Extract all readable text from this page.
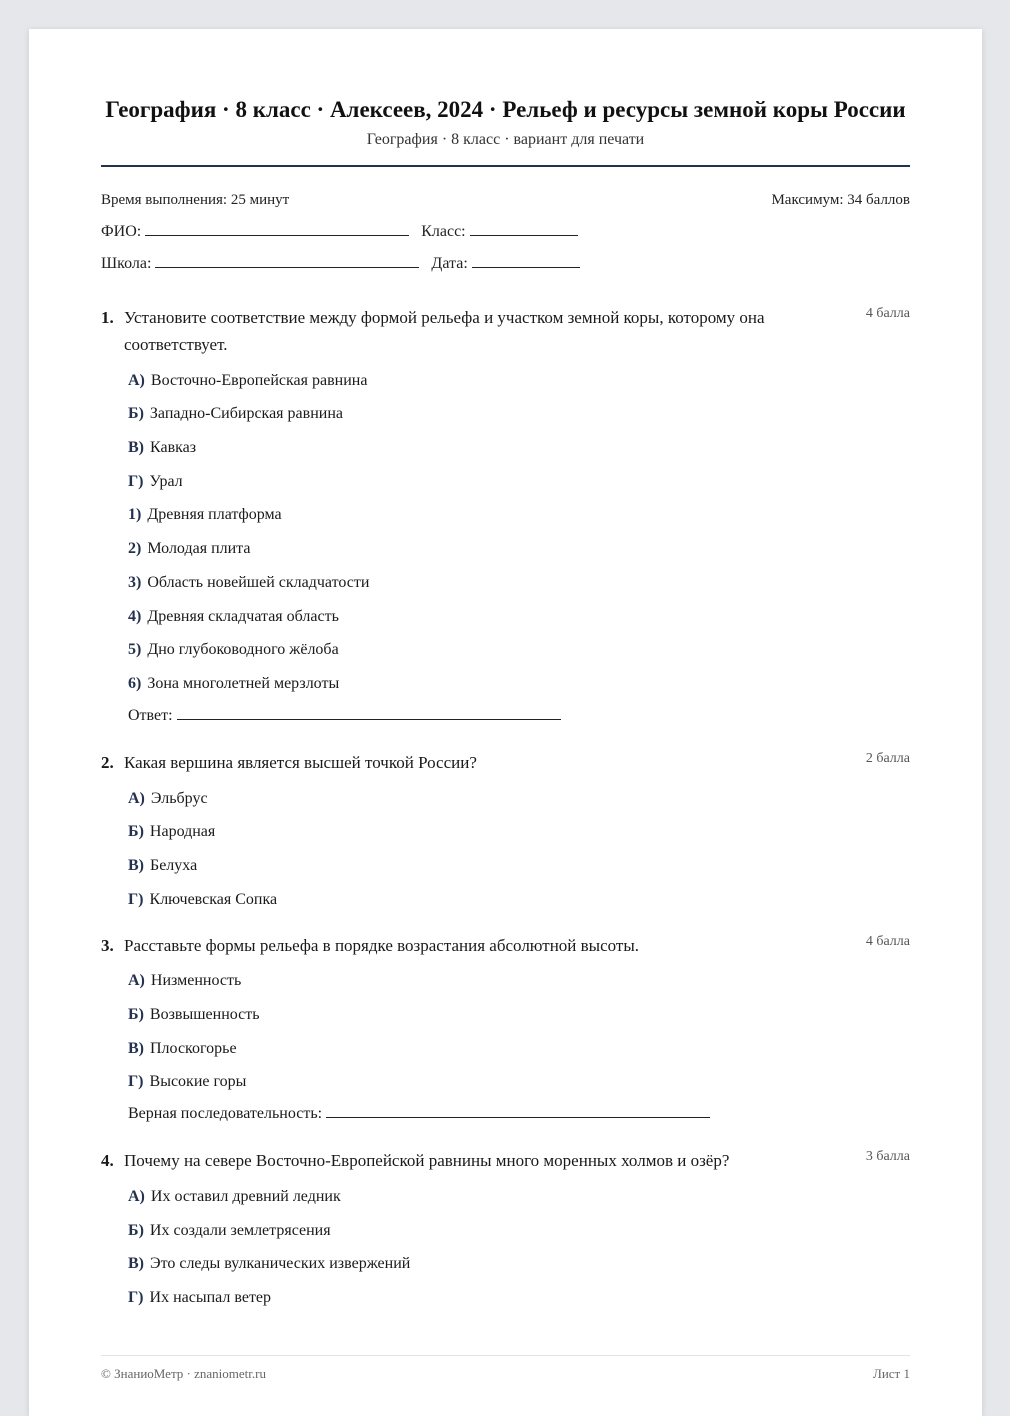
География · 8 класс · Алексеев, 2024 · Рельеф и ресурсы земной коры России
География · 8 класс · вариант для печати
Время выполнения: 25 минут	Максимум: 34 баллов
ФИО:	Класс:
Школа:	Дата:
1. Установите соответствие между формой рельефа и участком земной коры, которому она соответствует.
4 балла
А) Восточно-Европейская равнина
Б) Западно-Сибирская равнина
В) Кавказ
Г) Урал
1) Древняя платформа
2) Молодая плита
3) Область новейшей складчатости
4) Древняя складчатая область
5) Дно глубоководного жёлоба
6) Зона многолетней мерзлоты
Ответ:
2. Какая вершина является высшей точкой России?	2 балла
А) Эльбрус
Б) Народная
В) Белуха
Г) Ключевская Сопка
3. Расставьте формы рельефа в порядке возрастания абсолютной высоты.	4 балла
А) Низменность
Б) Возвышенность
В) Плоскогорье
Г) Высокие горы
Верная последовательность:
4. Почему на севере Восточно-Европейской равнины много моренных холмов и озёр?	3 балла
А) Их оставил древний ледник
Б) Их создали землетрясения
В) Это следы вулканических извержений
Г) Их насыпал ветер
© ЗнаниоМетр · znaniometr.ru	Лист 1
